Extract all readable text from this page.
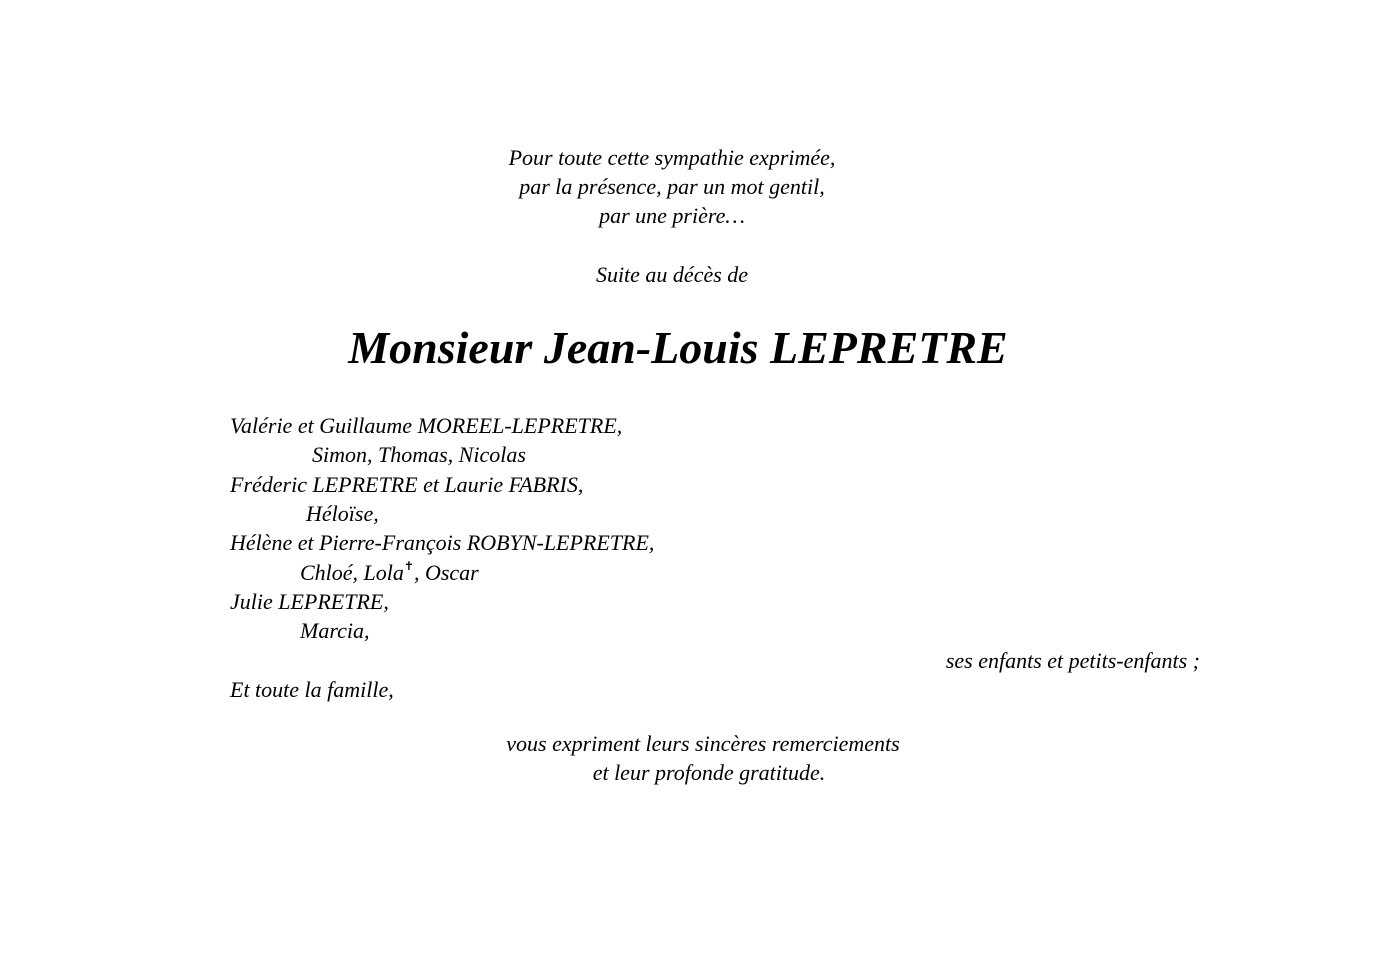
Pour toute cette sympathie exprimée,
par la présence, par un mot gentil,
par une prière…
Suite au décès de
Monsieur Jean-Louis LEPRETRE
Valérie et Guillaume MOREEL-LEPRETRE,
Simon, Thomas, Nicolas
Fréderic LEPRETRE et Laurie FABRIS,
Héloïse,
Hélène et Pierre-François ROBYN-LEPRETRE,
Chloé, Lola✝, Oscar
Julie LEPRETRE,
Marcia,
ses enfants et petits-enfants ;
Et toute la famille,
vous expriment leurs sincères remerciements
et leur profonde gratitude.
